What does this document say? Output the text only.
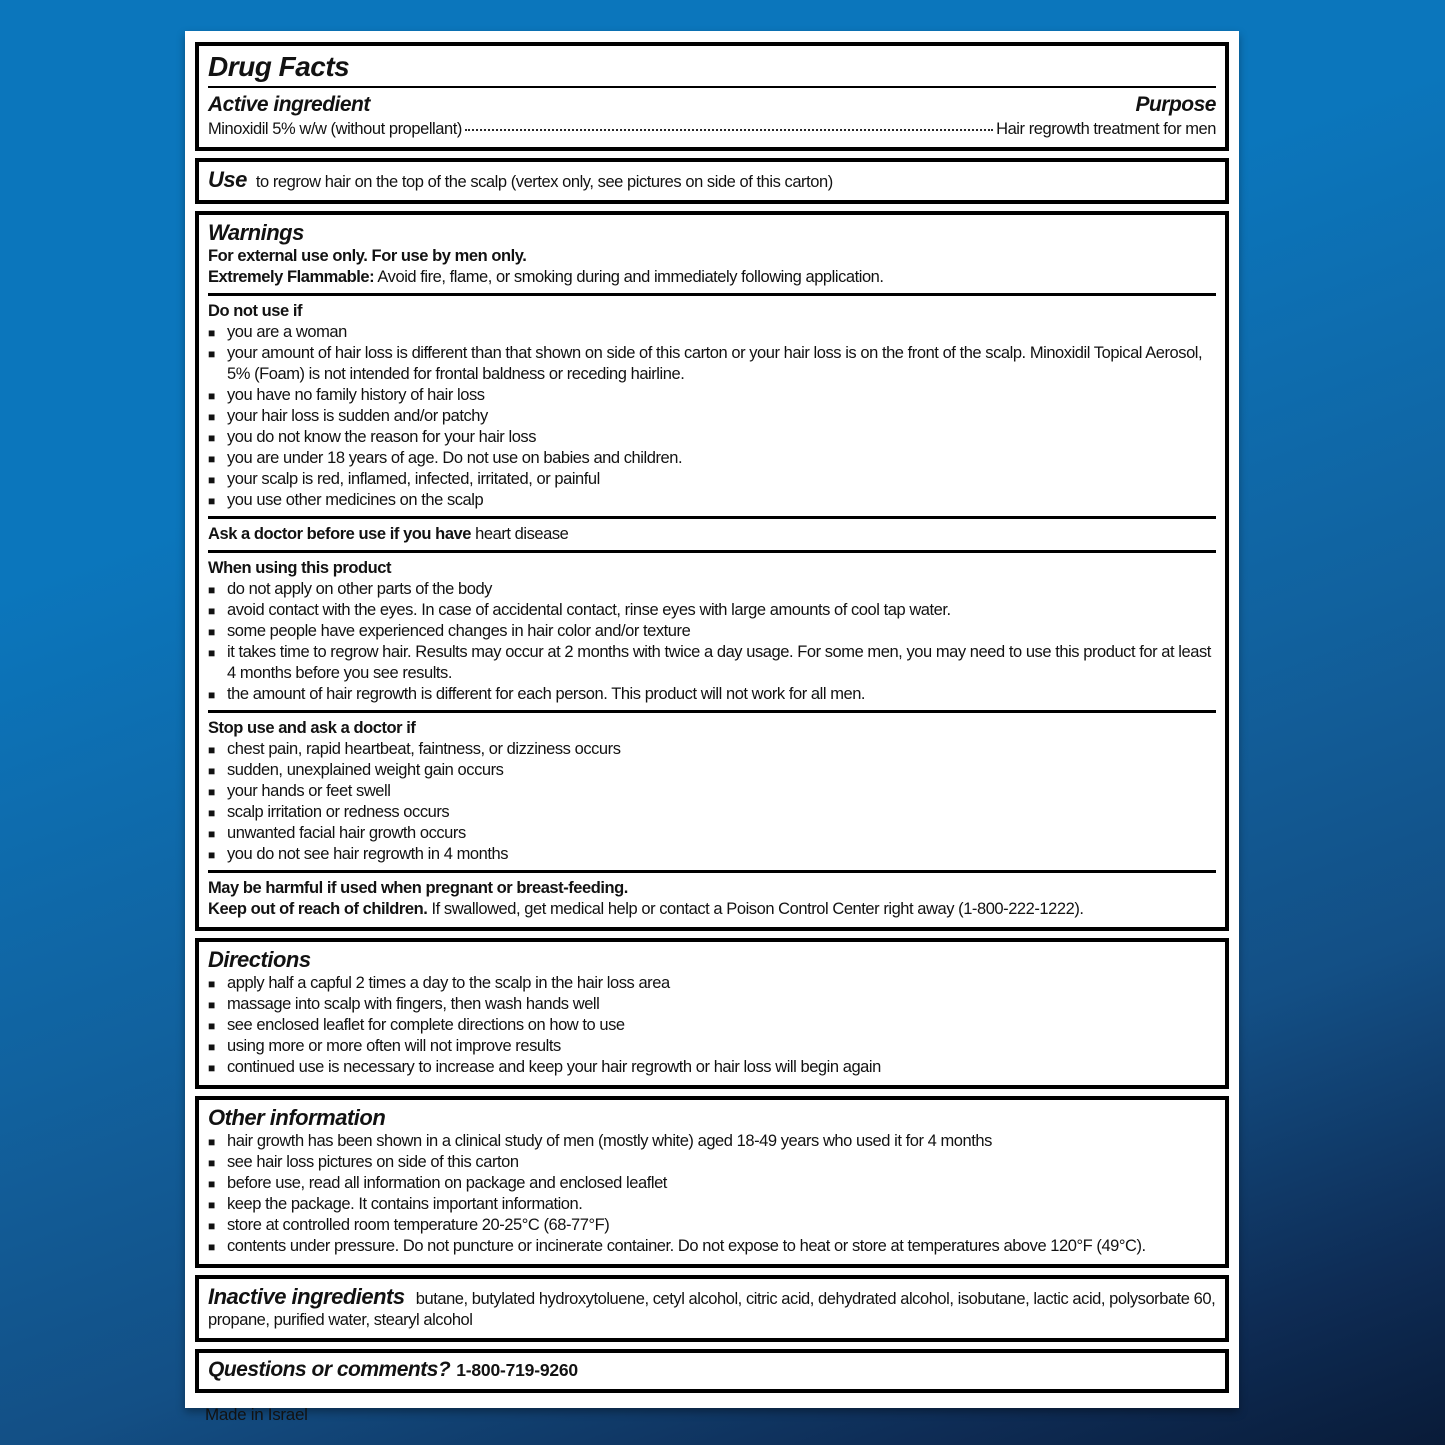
Drug Facts
Active ingredient	Purpose
Minoxidil 5% w/w (without propellant)	Hair regrowth treatment for men
Use to regrow hair on the top of the scalp (vertex only, see pictures on side of this carton)
Warnings
For external use only. For use by men only.
Extremely Flammable: Avoid fire, flame, or smoking during and immediately following application.
Do not use if
■ you are a woman
■ your amount of hair loss is different than that shown on side of this carton or your hair loss is on the front of the scalp. Minoxidil Topical Aerosol, 5% (Foam) is not intended for frontal baldness or receding hairline.
■ you have no family history of hair loss
■ your hair loss is sudden and/or patchy
■ you do not know the reason for your hair loss
■ you are under 18 years of age. Do not use on babies and children.
■ your scalp is red, inflamed, infected, irritated, or painful
■ you use other medicines on the scalp
Ask a doctor before use if you have heart disease
When using this product
■ do not apply on other parts of the body
■ avoid contact with the eyes. In case of accidental contact, rinse eyes with large amounts of cool tap water.
■ some people have experienced changes in hair color and/or texture
■ it takes time to regrow hair. Results may occur at 2 months with twice a day usage. For some men, you may need to use this product for at least 4 months before you see results.
■ the amount of hair regrowth is different for each person. This product will not work for all men.
Stop use and ask a doctor if
■ chest pain, rapid heartbeat, faintness, or dizziness occurs
■ sudden, unexplained weight gain occurs
■ your hands or feet swell
■ scalp irritation or redness occurs
■ unwanted facial hair growth occurs
■ you do not see hair regrowth in 4 months
May be harmful if used when pregnant or breast-feeding.
Keep out of reach of children. If swallowed, get medical help or contact a Poison Control Center right away (1-800-222-1222).
Directions
■ apply half a capful 2 times a day to the scalp in the hair loss area
■ massage into scalp with fingers, then wash hands well
■ see enclosed leaflet for complete directions on how to use
■ using more or more often will not improve results
■ continued use is necessary to increase and keep your hair regrowth or hair loss will begin again
Other information
■ hair growth has been shown in a clinical study of men (mostly white) aged 18-49 years who used it for 4 months
■ see hair loss pictures on side of this carton
■ before use, read all information on package and enclosed leaflet
■ keep the package. It contains important information.
■ store at controlled room temperature 20-25°C (68-77°F)
■ contents under pressure. Do not puncture or incinerate container. Do not expose to heat or store at temperatures above 120°F (49°C).
Inactive ingredients butane, butylated hydroxytoluene, cetyl alcohol, citric acid, dehydrated alcohol, isobutane, lactic acid, polysorbate 60, propane, purified water, stearyl alcohol
Questions or comments? 1-800-719-9260
Made in Israel
